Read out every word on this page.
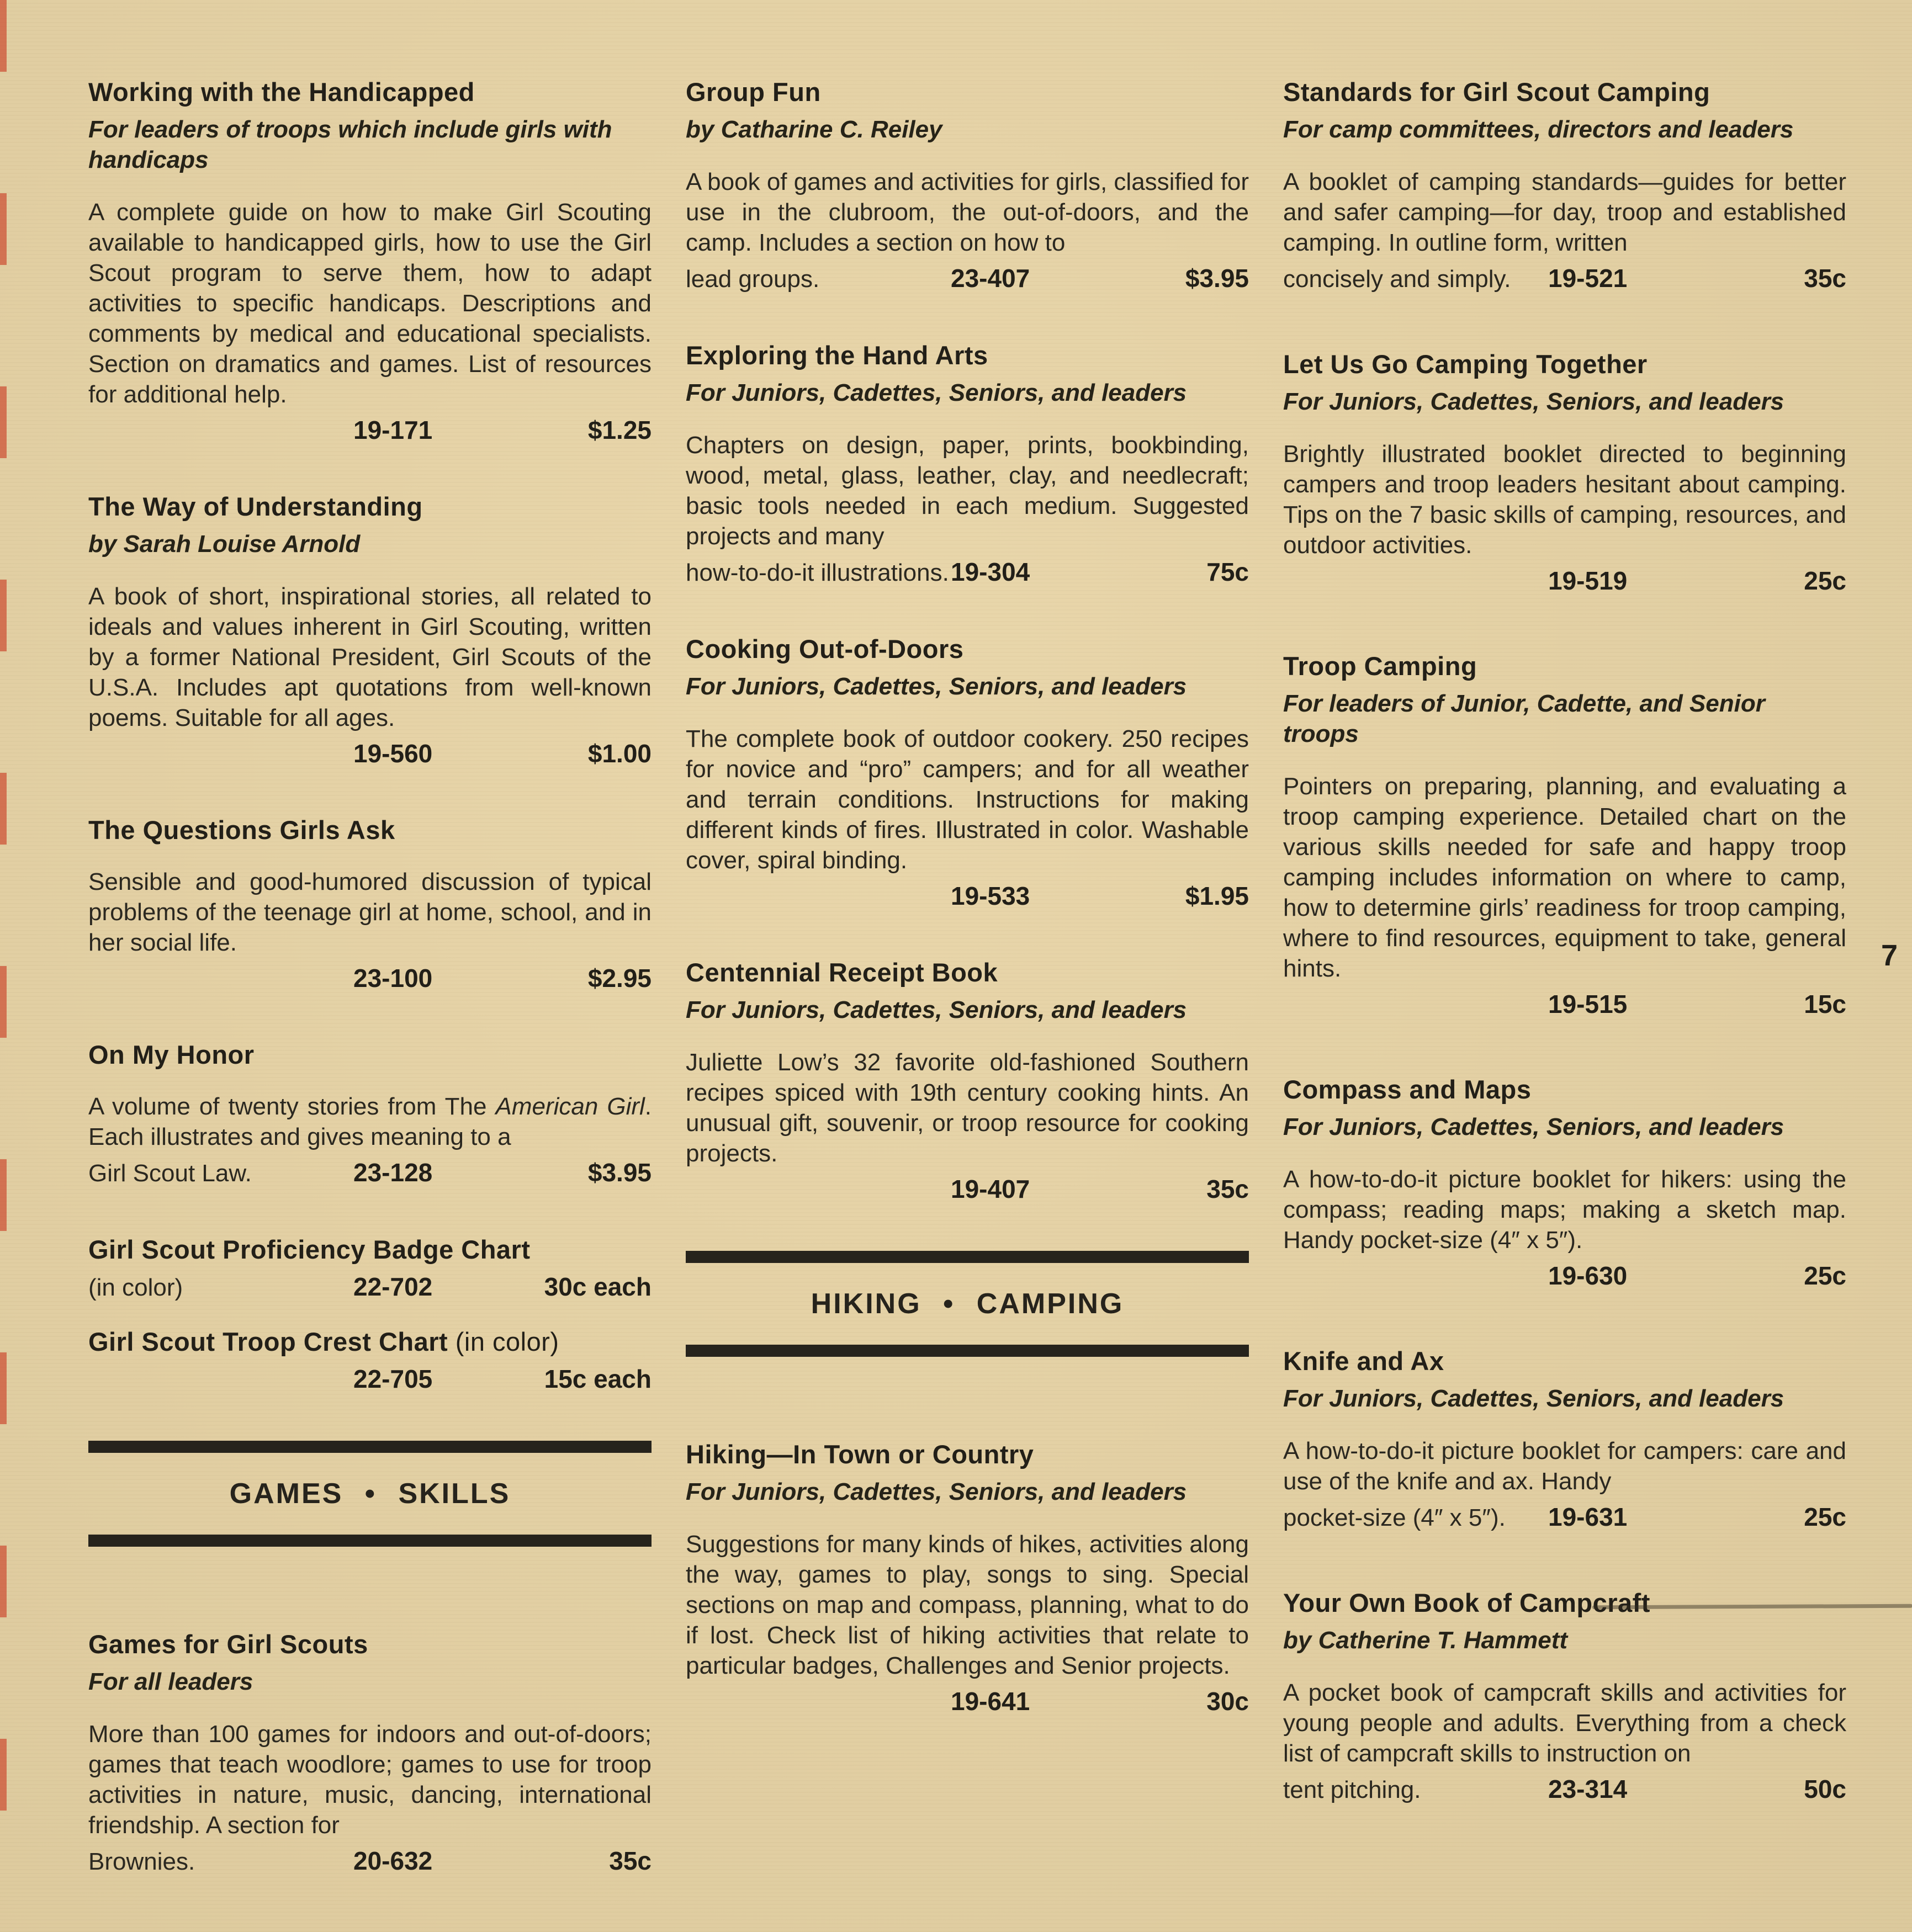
Working with the Handicapped

For leaders of troops which include girls with handicaps

A complete guide on how to make Girl Scouting available to handicapped girls, how to use the Girl Scout program to serve them, how to adapt activities to specific handicaps. Descriptions and comments by medical and educational specialists. Section on dramatics and games. List of resources for additional help.

19-171	$1.25
The Way of Understanding

by Sarah Louise Arnold

A book of short, inspirational stories, all related to ideals and values inherent in Girl Scouting, written by a former National President, Girl Scouts of the U.S.A. Includes apt quotations from well-known poems. Suitable for all ages.

19-560	$1.00
The Questions Girls Ask

Sensible and good-humored discussion of typical problems of the teenage girl at home, school, and in her social life.

23-100	$2.95
On My Honor

A volume of twenty stories from The American Girl. Each illustrates and gives meaning to a

Girl Scout Law.	23-128	$3.95
Girl Scout Proficiency Badge Chart
(in color)	22-702	30c each
Girl Scout Troop Crest Chart (in color)
22-705	15c each
GAMES • SKILLS
Games for Girl Scouts

For all leaders

More than 100 games for indoors and out-of-doors; games that teach woodlore; games to use for troop activities in nature, music, dancing, international friendship. A section for

Brownies.	20-632	35c
Group Fun

by Catharine C. Reiley

A book of games and activities for girls, classified for use in the clubroom, the out-of-doors, and the camp. Includes a section on how to

lead groups.	23-407	$3.95
Exploring the Hand Arts

For Juniors, Cadettes, Seniors, and leaders

Chapters on design, paper, prints, bookbinding, wood, metal, glass, leather, clay, and needlecraft; basic tools needed in each medium. Suggested projects and many

how-to-do-it illustrations. 19-304	75c
Cooking Out-of-Doors

For Juniors, Cadettes, Seniors, and leaders

The complete book of outdoor cookery. 250 recipes for novice and “pro” campers; and for all weather and terrain conditions. Instructions for making different kinds of fires. Illustrated in color. Washable cover, spiral binding.

19-533	$1.95
Centennial Receipt Book

For Juniors, Cadettes, Seniors, and leaders

Juliette Low’s 32 favorite old-fashioned Southern recipes spiced with 19th century cooking hints. An unusual gift, souvenir, or troop resource for cooking projects.

19-407	35c
HIKING • CAMPING
Hiking—In Town or Country

For Juniors, Cadettes, Seniors, and leaders

Suggestions for many kinds of hikes, activities along the way, games to play, songs to sing. Special sections on map and compass, planning, what to do if lost. Check list of hiking activities that relate to particular badges, Challenges and Senior projects.

19-641	30c
Standards for Girl Scout Camping

For camp committees, directors and leaders

A booklet of camping standards—guides for better and safer camping—for day, troop and established camping. In outline form, written

concisely and simply.	19-521	35c
Let Us Go Camping Together

For Juniors, Cadettes, Seniors, and leaders

Brightly illustrated booklet directed to beginning campers and troop leaders hesitant about camping. Tips on the 7 basic skills of camping, resources, and outdoor activities.

19-519	25c
Troop Camping

For leaders of Junior, Cadette, and Senior troops

Pointers on preparing, planning, and evaluating a troop camping experience. Detailed chart on the various skills needed for safe and happy troop camping includes information on where to camp, how to determine girls’ readiness for troop camping, where to find resources, equipment to take, general hints.

19-515	15c
Compass and Maps

For Juniors, Cadettes, Seniors, and leaders

A how-to-do-it picture booklet for hikers: using the compass; reading maps; making a sketch map. Handy pocket-size (4″ x 5″).

19-630	25c
Knife and Ax

For Juniors, Cadettes, Seniors, and leaders

A how-to-do-it picture booklet for campers: care and use of the knife and ax. Handy

pocket-size (4″ x 5″).	19-631	25c
Your Own Book of Campcraft

by Catherine T. Hammett

A pocket book of campcraft skills and activities for young people and adults. Everything from a check list of campcraft skills to instruction on

tent pitching.	23-314	50c
7
